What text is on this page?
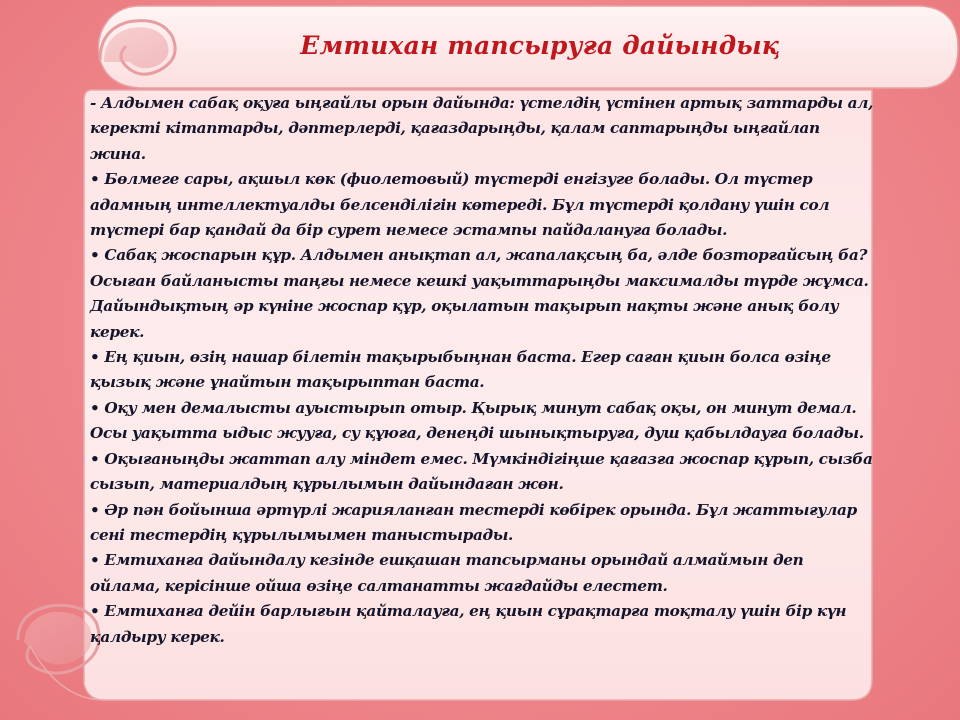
Емтихан тапсыруға дайындық

- Алдымен сабақ оқуға ыңғайлы орын дайында: үстелдің үстінен артық заттарды ал, керекті кітаптарды, дәптерлерді, қағаздарыңды, қалам саптарыңды ыңғайлап жина.

• Бөлмеге сары, ақшыл көк (фиолетовый) түстерді енгізуге болады. Ол түстер адамның интеллектуалды белсенділігін көтереді. Бұл түстерді қолдану үшін сол түстері бар қандай да бір сурет немесе эстампы пайдалануға болады.

• Сабақ жоспарын құр. Алдымен анықтап ал, жапалақсың ба, әлде бозторғайсың ба? Осыған байланысты таңғы немесе кешкі уақыттарыңды максималды түрде жұмса. Дайындықтың әр күніне жоспар құр, оқылатын тақырып нақты және анық болу керек.

• Ең қиын, өзің нашар білетін тақырыбыңнан баста. Егер саған қиын болса өзіңе қызық және ұнайтын тақырыптан баста.

• Оқу мен демалысты ауыстырып отыр. Қырық минут сабақ оқы, он минут демал. Осы уақытта ыдыс жууға, су құюға, денеңді шынықтыруға, душ қабылдауға болады.

• Оқығаныңды жаттап алу міндет емес. Мүмкіндігіңше қағазға жоспар құрып, сызба сызып, материалдың құрылымын дайындаған жөн.

• Әр пән бойынша әртүрлі жарияланған тестерді көбірек орында. Бұл жаттығулар сені тестердің құрылымымен таныстырады.

• Емтиханға дайындалу кезінде ешқашан тапсырманы орындай алмаймын деп ойлама, керісінше ойша өзіңе салтанатты жағдайды елестет.

• Емтиханға дейін барлығын қайталауға, ең қиын сұрақтарға тоқталу үшін бір күн қалдыру керек.
